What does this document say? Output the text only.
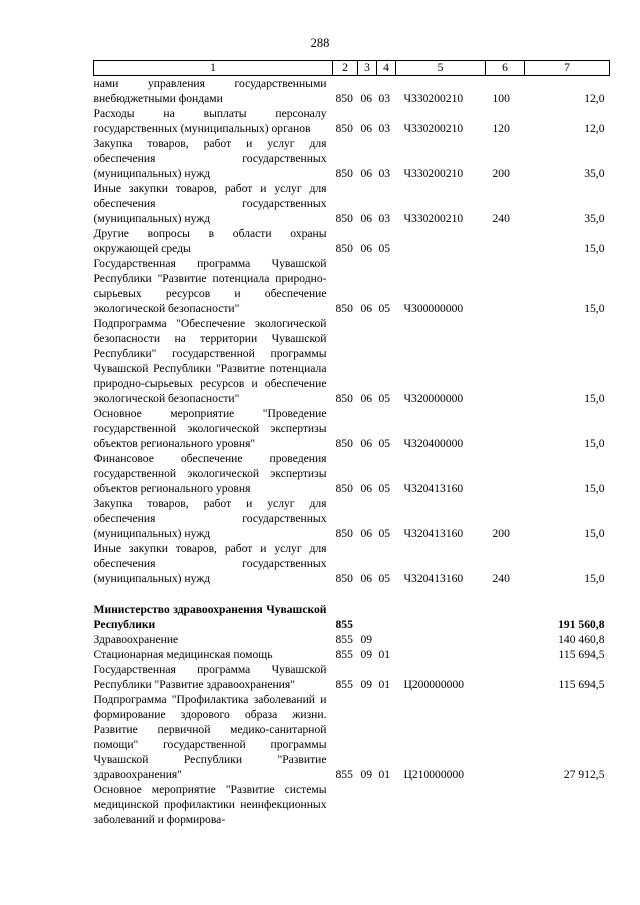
288
1	2	3	4	5	6	7
нами управления государственными внебюджетными фондами	850	06	03	Ч330200210	100	12,0
Расходы на выплаты персоналу государственных (муниципальных) органов	850	06	03	Ч330200210	120	12,0
Закупка товаров, работ и услуг для обеспечения государственных (муниципальных) нужд	850	06	03	Ч330200210	200	35,0
Иные закупки товаров, работ и услуг для обеспечения государственных (муниципальных) нужд	850	06	03	Ч330200210	240	35,0
Другие вопросы в области охраны окружающей среды	850	06	05			15,0
Государственная программа Чувашской Республики "Развитие потенциала природно-сырьевых ресурсов и обеспечение экологической безопасности"	850	06	05	Ч300000000		15,0
Подпрограмма "Обеспечение экологической безопасности на территории Чувашской Республики" государственной программы Чувашской Республики "Развитие потенциала природно-сырьевых ресурсов и обеспечение экологической безопасности"	850	06	05	Ч320000000		15,0
Основное мероприятие "Проведение государственной экологической экспертизы объектов регионального уровня"	850	06	05	Ч320400000		15,0
Финансовое обеспечение проведения государственной экологической экспертизы объектов регионального уровня	850	06	05	Ч320413160		15,0
Закупка товаров, работ и услуг для обеспечения государственных (муниципальных) нужд	850	06	05	Ч320413160	200	15,0
Иные закупки товаров, работ и услуг для обеспечения государственных (муниципальных) нужд	850	06	05	Ч320413160	240	15,0

Министерство здравоохранения Чувашской Республики	855					191 560,8
Здравоохранение	855	09				140 460,8
Стационарная медицинская помощь	855	09	01			115 694,5
Государственная программа Чувашской Республики "Развитие здравоохранения"	855	09	01	Ц200000000		115 694,5
Подпрограмма "Профилактика заболеваний и формирование здорового образа жизни. Развитие первичной медико-санитарной помощи" государственной программы Чувашской Республики "Развитие здравоохранения"	855	09	01	Ц210000000		27 912,5
Основное мероприятие "Развитие системы медицинской профилактики неинфекционных заболеваний и формирова-						
